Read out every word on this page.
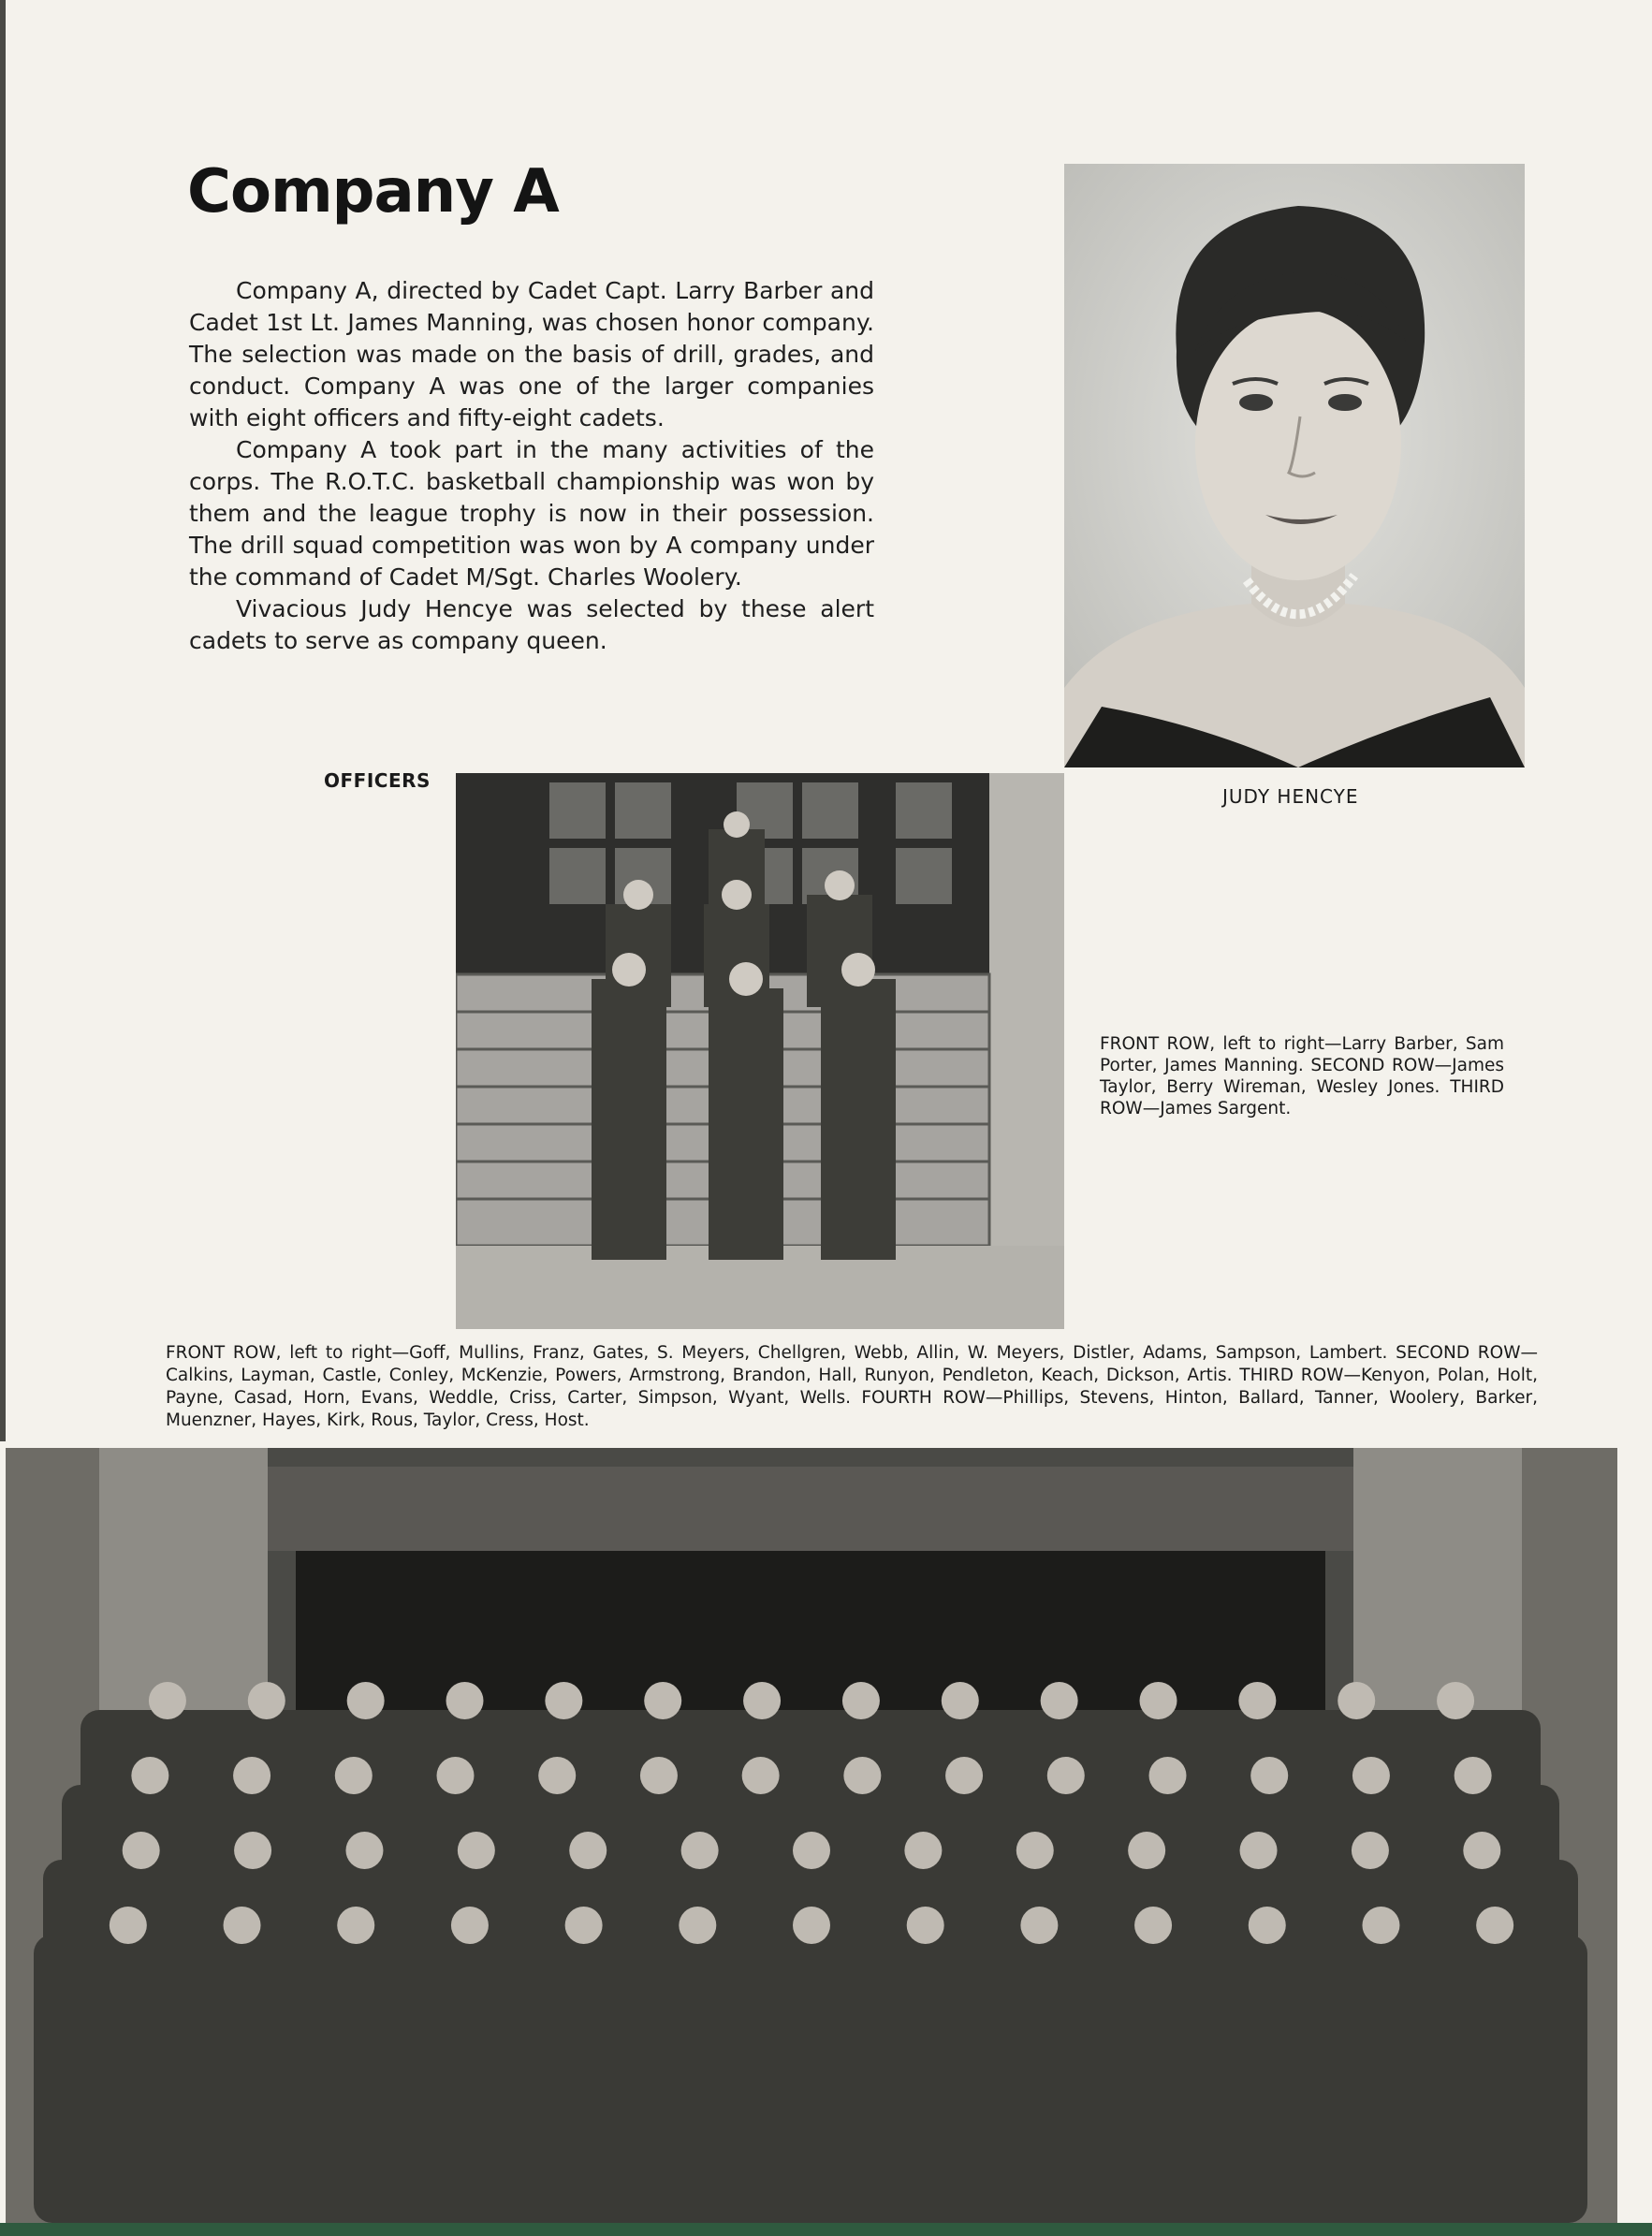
Company A

Company A, directed by Cadet Capt. Larry Barber and Cadet 1st Lt. James Manning, was chosen honor company. The selection was made on the basis of drill, grades, and conduct. Company A was one of the larger companies with eight officers and fifty-eight cadets.

Company A took part in the many activities of the corps. The R.O.T.C. basketball championship was won by them and the league trophy is now in their possession. The drill squad competition was won by A company under the command of Cadet M/Sgt. Charles Woolery.

Vivacious Judy Hencye was selected by these alert cadets to serve as company queen.

JUDY HENCYE
OFFICERS
FRONT ROW, left to right—Larry Barber, Sam Porter, James Manning. SECOND ROW—James Taylor, Berry Wireman, Wesley Jones. THIRD ROW—James Sargent.
FRONT ROW, left to right—Goff, Mullins, Franz, Gates, S. Meyers, Chellgren, Webb, Allin, W. Meyers, Distler, Adams, Sampson, Lambert. SECOND ROW—Calkins, Layman, Castle, Conley, McKenzie, Powers, Armstrong, Brandon, Hall, Runyon, Pendleton, Keach, Dickson, Artis. THIRD ROW—Kenyon, Polan, Holt, Payne, Casad, Horn, Evans, Weddle, Criss, Carter, Simpson, Wyant, Wells. FOURTH ROW—Phillips, Stevens, Hinton, Ballard, Tanner, Woolery, Barker, Muenzner, Hayes, Kirk, Rous, Taylor, Cress, Host.
